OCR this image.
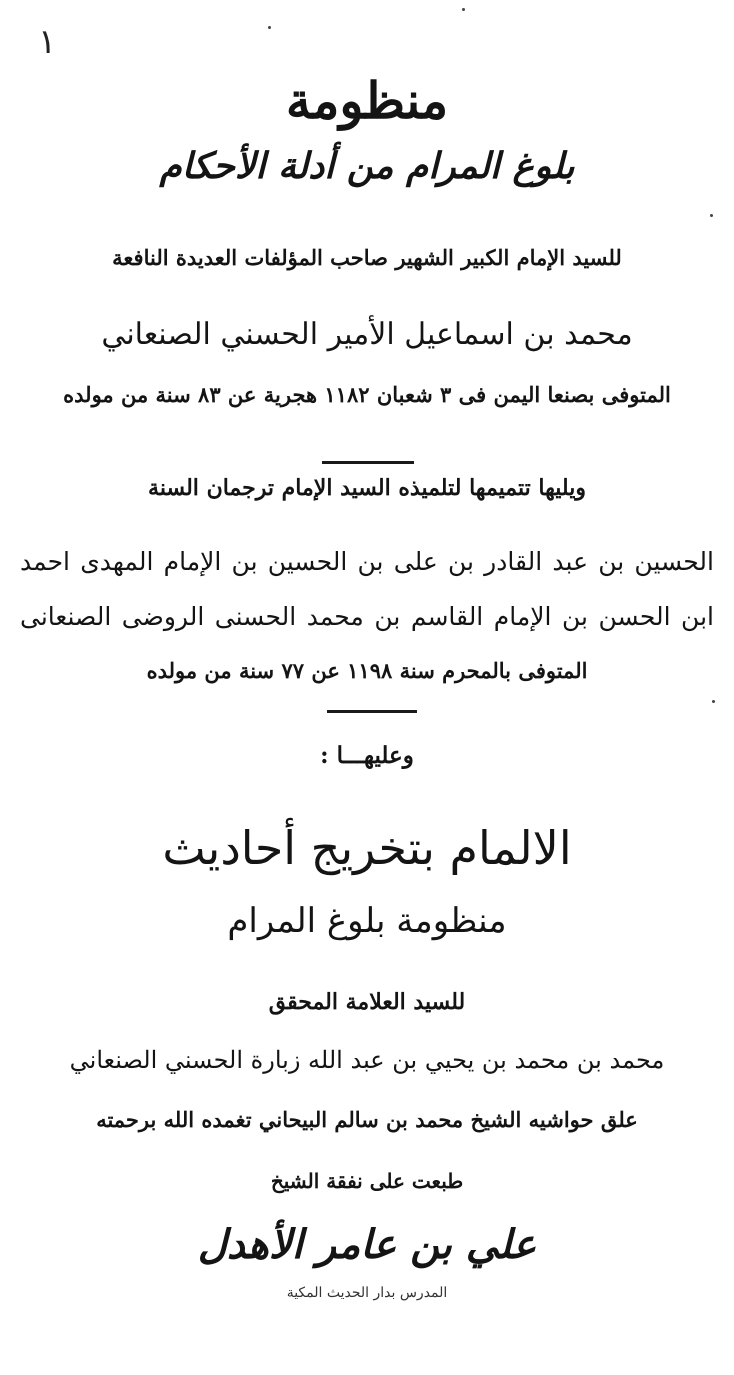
١

منظومة

بلوغ المرام من أدلة الأحكام

للسيد الإمام الكبير الشهير صاحب المؤلفات العديدة النافعة

محمد بن اسماعيل الأمير الحسني الصنعاني

المتوفى بصنعا اليمن فى ٣ شعبان ١١٨٢ هجرية عن ٨٣ سنة من مولده

ويليها تتميمها لتلميذه السيد الإمام ترجمان السنة

الحسين بن عبد القادر بن على بن الحسين بن الإمام المهدى احمد

ابن الحسن بن الإمام القاسم بن محمد الحسنى الروضى الصنعانى

المتوفى بالمحرم سنة ١١٩٨ عن ٧٧ سنة من مولده

وعليهـــا :

الالمام بتخريج أحاديث

منظومة بلوغ المرام

للسيد العلامة المحقق

محمد بن محمد بن يحيي بن عبد الله زبارة الحسني الصنعاني

علق حواشيه الشيخ محمد بن سالم البيحاني تغمده الله برحمته

طبعت على نفقة الشيخ

علي بن عامر الأهدل

المدرس بدار الحديث المكية
